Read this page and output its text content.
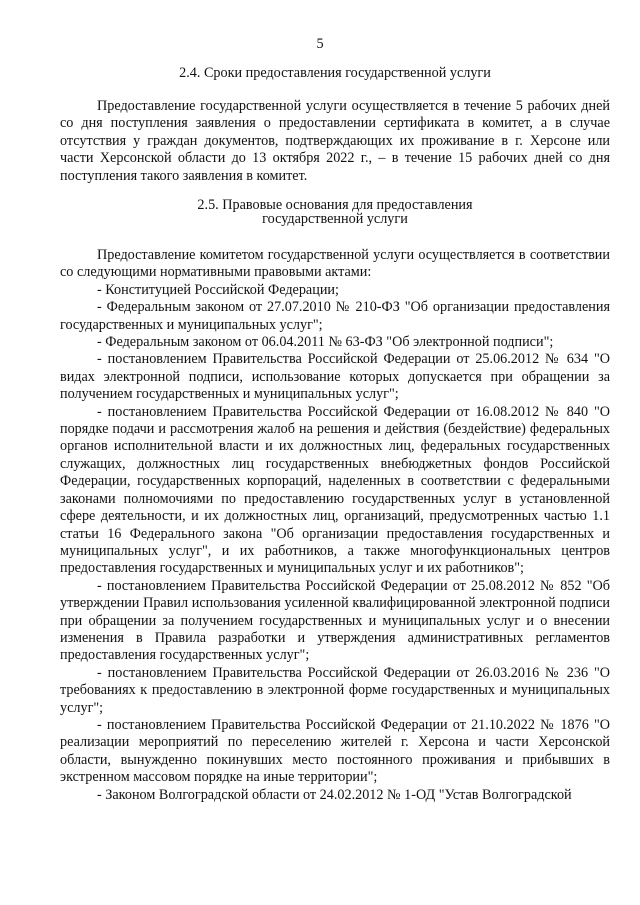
5
2.4. Сроки предоставления государственной услуги

Предоставление государственной услуги осуществляется в течение 5 рабочих дней со дня поступления заявления о предоставлении сертификата в комитет, а в случае отсутствия у граждан документов, подтверждающих их проживание в г. Херсоне или части Херсонской области до 13 октября 2022 г., – в течение 15 рабочих дней со дня поступления такого заявления в комитет.

2.5. Правовые основания для предоставления
государственной услуги

Предоставление комитетом государственной услуги осуществляется в соответствии со следующими нормативными правовыми актами:

- Конституцией Российской Федерации;

- Федеральным законом от 27.07.2010 № 210-ФЗ "Об организации предоставления государственных и муниципальных услуг";

- Федеральным законом от 06.04.2011 № 63-ФЗ "Об электронной подписи";

- постановлением Правительства Российской Федерации от 25.06.2012 № 634 "О видах электронной подписи, использование которых допускается при обращении за получением государственных и муниципальных услуг";

- постановлением Правительства Российской Федерации от 16.08.2012 № 840 "О порядке подачи и рассмотрения жалоб на решения и действия (бездействие) федеральных органов исполнительной власти и их должностных лиц, федеральных государственных служащих, должностных лиц государственных внебюджетных фондов Российской Федерации, государственных корпораций, наделенных в соответствии с федеральными законами полномочиями по предоставлению государственных услуг в установленной сфере деятельности, и их должностных лиц, организаций, предусмотренных частью 1.1 статьи 16 Федерального закона "Об организации предоставления государственных и муниципальных услуг", и их работников, а также многофункциональных центров предоставления государственных и муниципальных услуг и их работников";

- постановлением Правительства Российской Федерации от 25.08.2012 № 852 "Об утверждении Правил использования усиленной квалифицированной электронной подписи при обращении за получением государственных и муниципальных услуг и о внесении изменения в Правила разработки и утверждения административных регламентов предоставления государственных услуг";

- постановлением Правительства Российской Федерации от 26.03.2016 № 236 "О требованиях к предоставлению в электронной форме государственных и муниципальных услуг";

- постановлением Правительства Российской Федерации от 21.10.2022 № 1876 "О реализации мероприятий по переселению жителей г. Херсона и части Херсонской области, вынужденно покинувших место постоянного проживания и прибывших в экстренном массовом порядке на иные территории";

- Законом Волгоградской области от 24.02.2012 № 1-ОД "Устав Волгоградской
